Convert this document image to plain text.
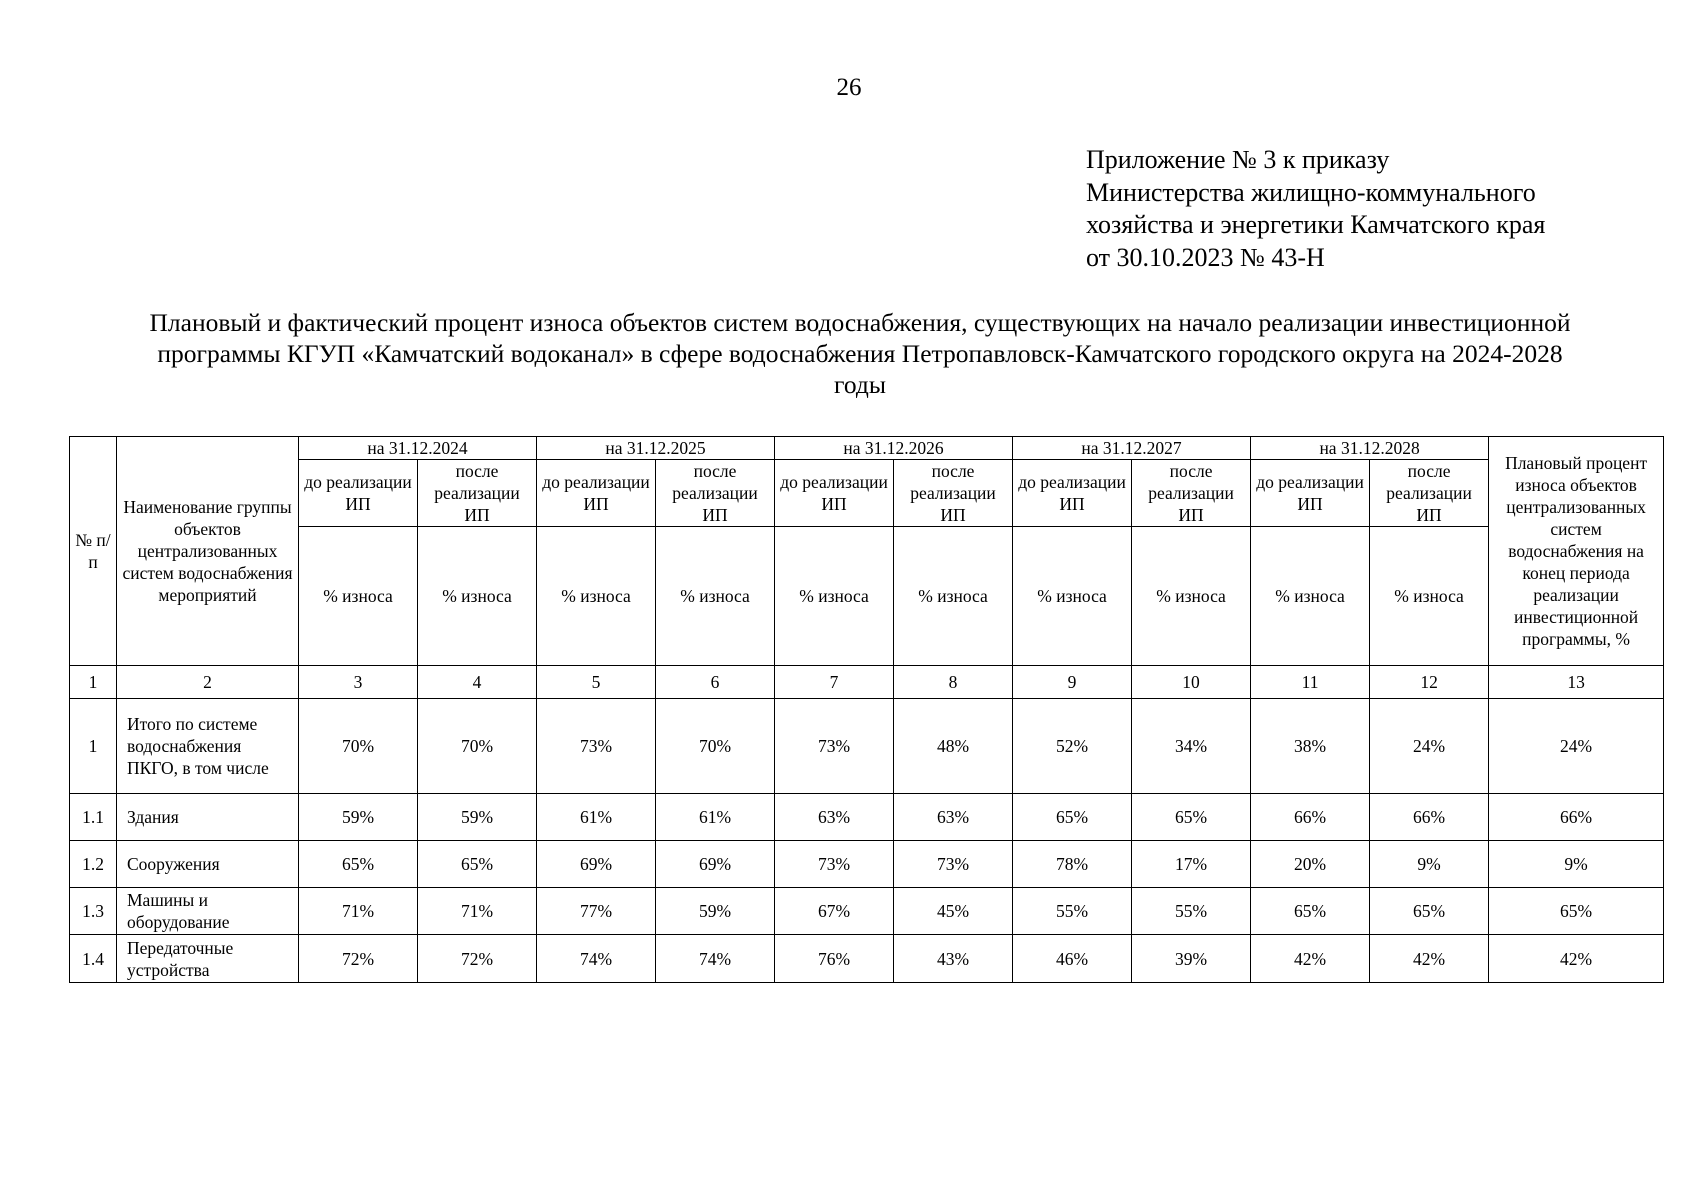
26
Приложение № 3 к приказу
Министерства жилищно-коммунального
хозяйства и энергетики Камчатского края
от 30.10.2023 № 43-Н
Плановый и фактический процент износа объектов систем водоснабжения, существующих на начало реализации инвестиционной
программы КГУП «Камчатский водоканал» в сфере водоснабжения Петропавловск-Камчатского городского округа на 2024-2028
годы
№ п/п	Наименование группы объектов централизованных систем водоснабжения мероприятий	на 31.12.2024		на 31.12.2025		на 31.12.2026		на 31.12.2027		на 31.12.2028		Плановый процент износа объектов централизованных систем водоснабжения на конец периода реализации инвестиционной программы, %
		до реализации ИП	после реализации ИП	до реализации ИП	после реализации ИП	до реализации ИП	после реализации ИП	до реализации ИП	после реализации ИП	до реализации ИП	после реализации ИП	
		% износа	% износа	% износа	% износа	% износа	% износа	% износа	% износа	% износа	% износа	
1	2	3	4	5	6	7	8	9	10	11	12	13
1	Итого по системе водоснабжения ПКГО, в том числе	70%	70%	73%	70%	73%	48%	52%	34%	38%	24%	24%
1.1	Здания	59%	59%	61%	61%	63%	63%	65%	65%	66%	66%	66%
1.2	Сооружения	65%	65%	69%	69%	73%	73%	78%	17%	20%	9%	9%
1.3	Машины и оборудование	71%	71%	77%	59%	67%	45%	55%	55%	65%	65%	65%
1.4	Передаточные устройства	72%	72%	74%	74%	76%	43%	46%	39%	42%	42%	42%
